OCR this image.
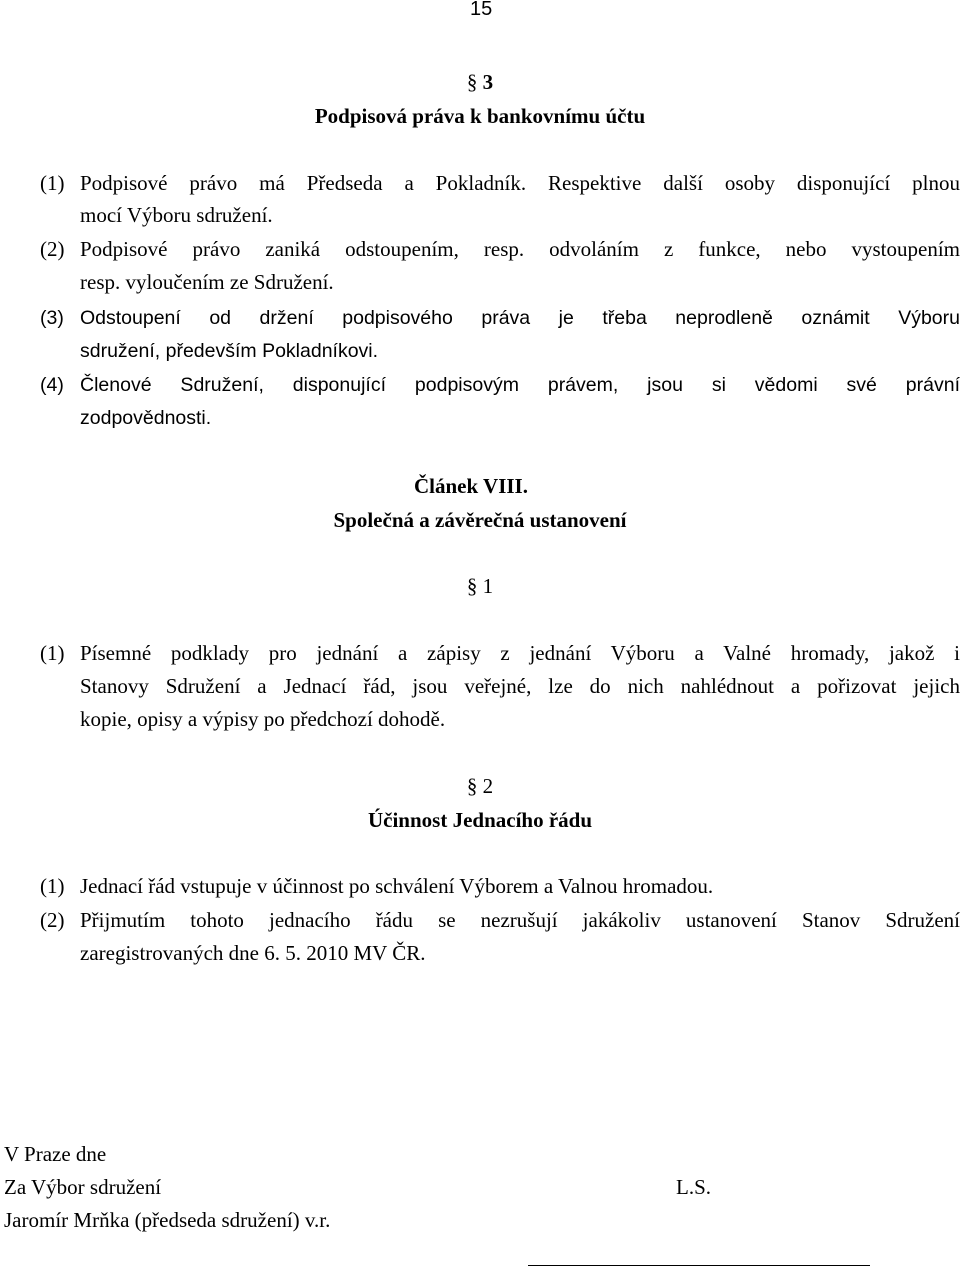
15
§ 3
Podpisová práva k bankovnímu účtu
(1) Podpisové právo má Předseda a Pokladník. Respektive další osoby disponující plnou
mocí Výboru sdružení.
(2) Podpisové právo zaniká odstoupením, resp. odvoláním z funkce, nebo vystoupením
resp. vyloučením ze Sdružení.
(3) Odstoupení od držení podpisového práva je třeba neprodleně oznámit Výboru
sdružení, především Pokladníkovi.
(4) Členové Sdružení, disponující podpisovým právem, jsou si vědomi své právní
zodpovědnosti.
Článek VIII.
Společná a závěrečná ustanovení
§ 1
(1) Písemné podklady pro jednání a zápisy z jednání Výboru a Valné hromady, jakož i
Stanovy Sdružení a Jednací řád, jsou veřejné, lze do nich nahlédnout a pořizovat jejich
kopie, opisy a výpisy po předchozí dohodě.
§ 2
Účinnost Jednacího řádu
(1) Jednací řád vstupuje v účinnost po schválení Výborem a Valnou hromadou.
(2) Přijmutím tohoto jednacího řádu se nezrušují jakákoliv ustanovení Stanov Sdružení
zaregistrovaných dne 6. 5. 2010 MV ČR.
V Praze dne
Za Výbor sdružení	L.S.
Jaromír Mrňka (předseda sdružení) v.r.
